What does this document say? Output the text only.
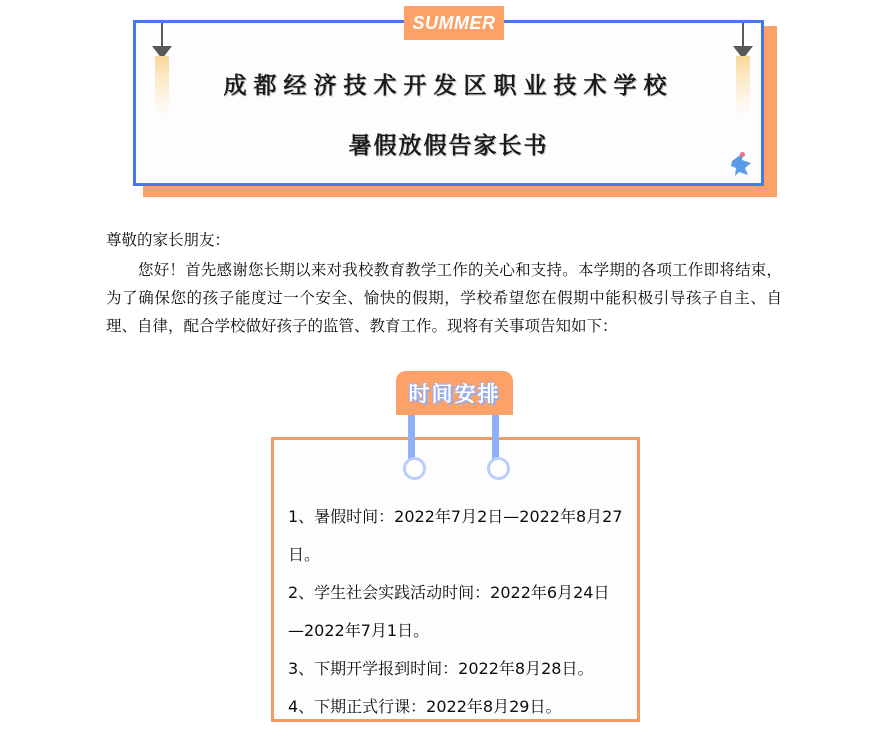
成都经济技术开发区职业技术学校
暑假放假告家长书
SUMMER

尊敬的家长朋友：

您好！首先感谢您长期以来对我校教育教学工作的关心和支持。本学期的各项工作即将结束，为了确保您的孩子能度过一个安全、愉快的假期，学校希望您在假期中能积极引导孩子自主、自理、自律，配合学校做好孩子的监管、教育工作。现将有关事项告知如下：

时间安排

1、暑假时间：2022年7月2日—2022年8月27日。

2、学生社会实践活动时间：2022年6月24日—2022年7月1日。

3、下期开学报到时间：2022年8月28日。

4、下期正式行课：2022年8月29日。
